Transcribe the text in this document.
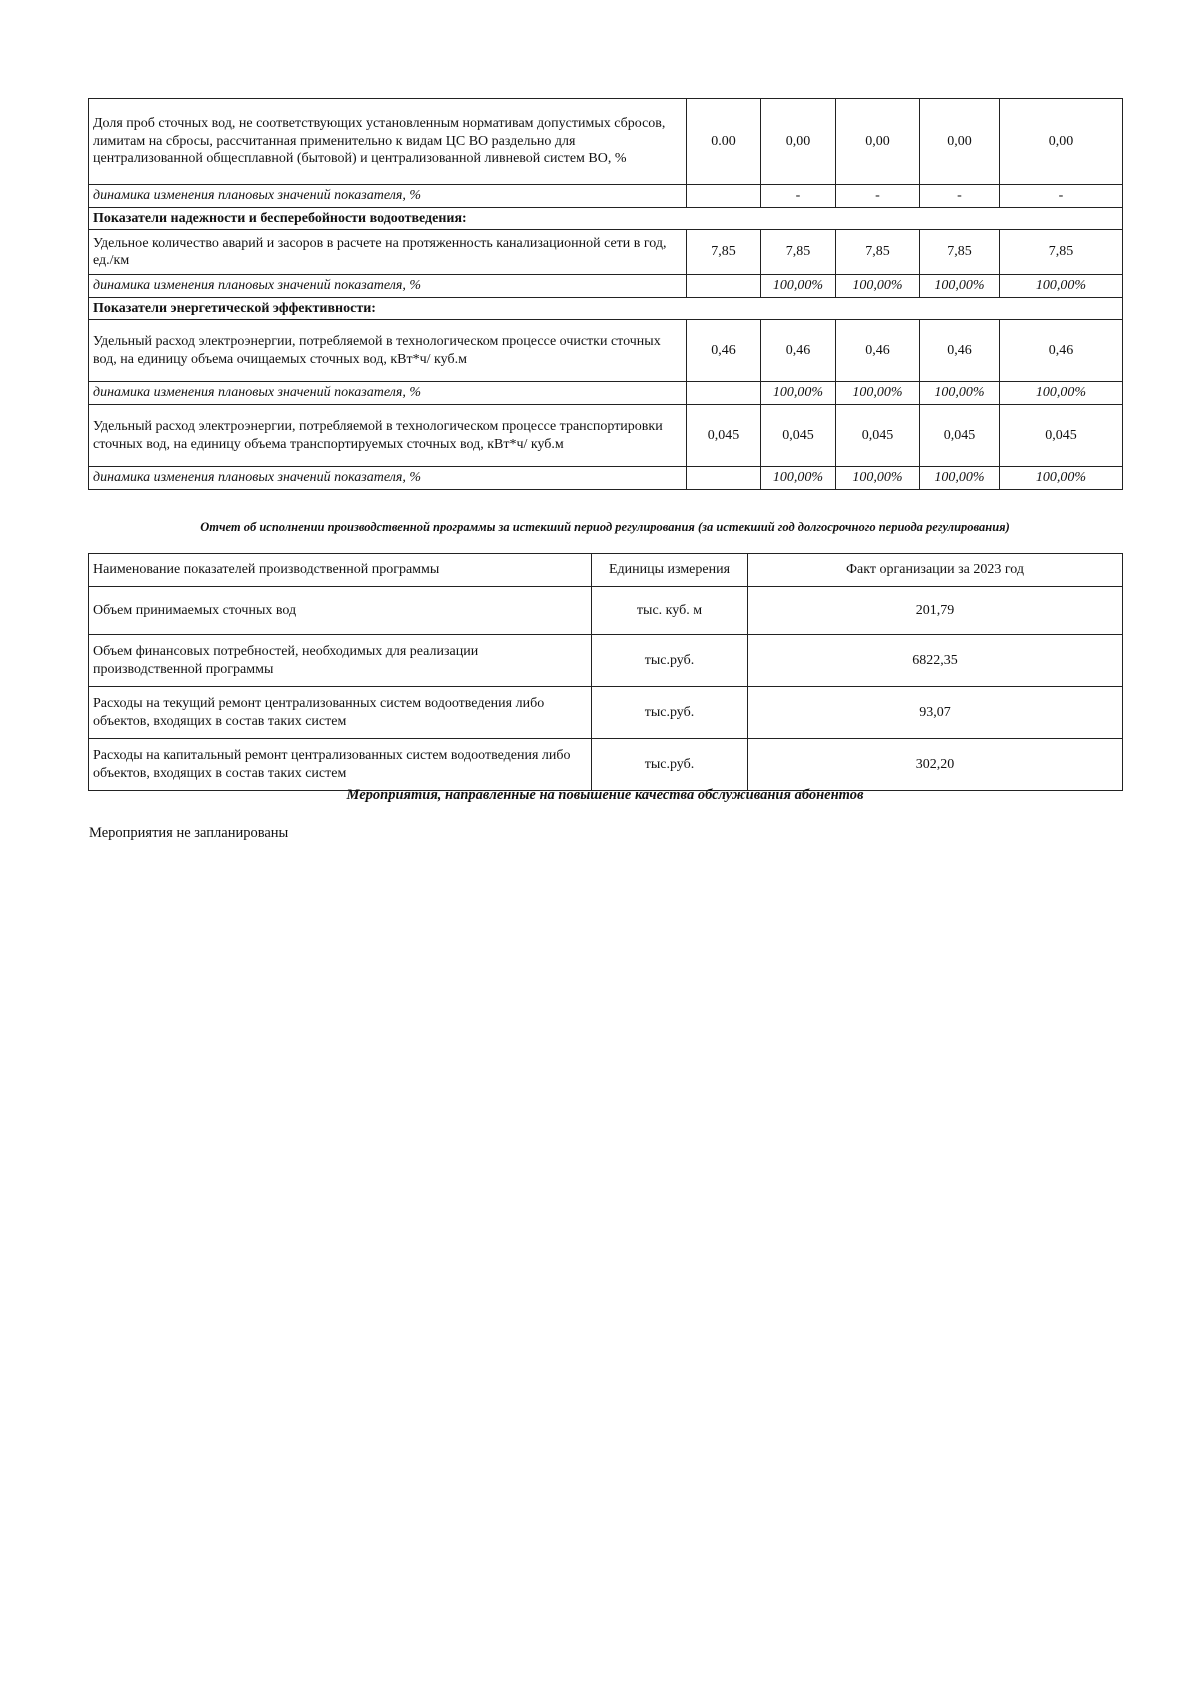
Доля проб сточных вод, не соответствующих установленным нормативам допустимых сбросов, лимитам на сбросы, рассчитанная применительно к видам ЦС ВО раздельно для централизованной общесплавной (бытовой) и централизованной ливневой систем ВО, %	0.00	0,00	0,00	0,00	0,00
динамика изменения плановых значений показателя, %		-	-	-	-
Показатели надежности и бесперебойности водоотведения:					
Удельное количество аварий и засоров в расчете на протяженность канализационной сети в год, ед./км	7,85	7,85	7,85	7,85	7,85
динамика изменения плановых значений показателя, %		100,00%	100,00%	100,00%	100,00%
Показатели энергетической эффективности:					
Удельный расход электроэнергии, потребляемой в технологическом процессе очистки сточных вод, на единицу объема очищаемых сточных вод, кВт*ч/ куб.м	0,46	0,46	0,46	0,46	0,46
динамика изменения плановых значений показателя, %		100,00%	100,00%	100,00%	100,00%
Удельный расход электроэнергии, потребляемой в технологическом процессе транспортировки сточных вод, на единицу объема транспортируемых сточных вод, кВт*ч/ куб.м	0,045	0,045	0,045	0,045	0,045
динамика изменения плановых значений показателя, %		100,00%	100,00%	100,00%	100,00%
Отчет об исполнении производственной программы за истекший период регулирования (за истекший год долгосрочного периода регулирования)
Наименование показателей производственной программы	Единицы измерения	Факт организации за 2023 год
Объем принимаемых сточных вод	тыс. куб. м	201,79
Объем финансовых потребностей, необходимых для реализации производственной программы	тыс.руб.	6822,35
Расходы на текущий ремонт централизованных систем водоотведения либо объектов, входящих в состав таких систем	тыс.руб.	93,07
Расходы на капитальный ремонт централизованных систем водоотведения либо объектов, входящих в состав таких систем	тыс.руб.	302,20
Мероприятия, направленные на повышение качества обслуживания абонентов
Мероприятия не запланированы
